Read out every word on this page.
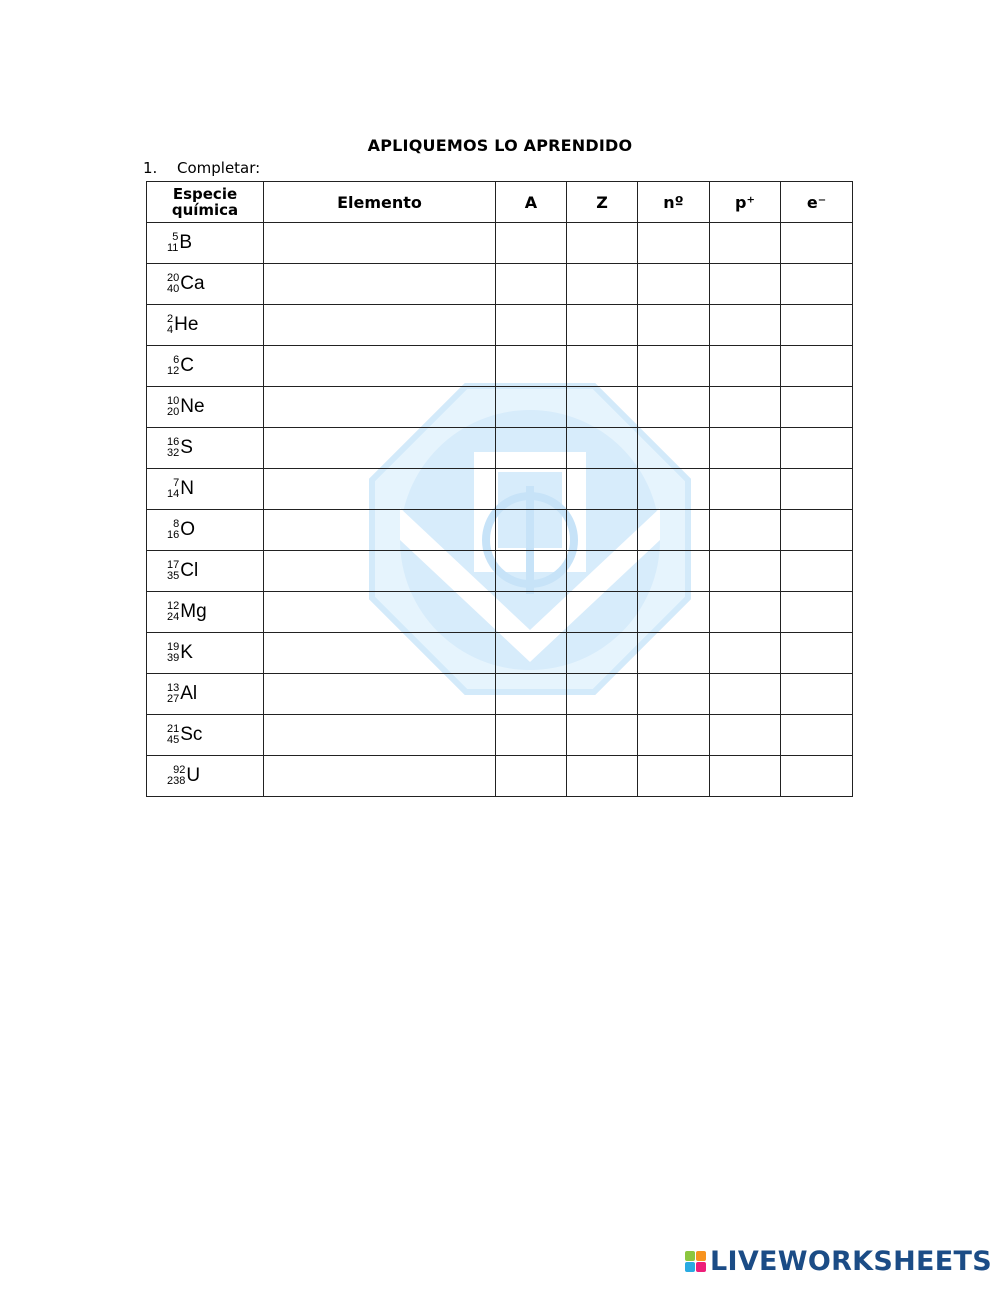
APLIQUEMOS LO APRENDIDO
1. Completar:
Especie
química	Elemento	A	Z	nº	p⁺	e⁻

5
11 B						

20
40 Ca						

2
4 He						

6
12 C						

10
20 Ne						

16
32 S						

7
14 N						

8
16 O						

17
35 Cl						

12
24 Mg						

19
39 K						

13
27 Al						

21
45 Sc						

92
238 U						

LIVEWORKSHEETS
